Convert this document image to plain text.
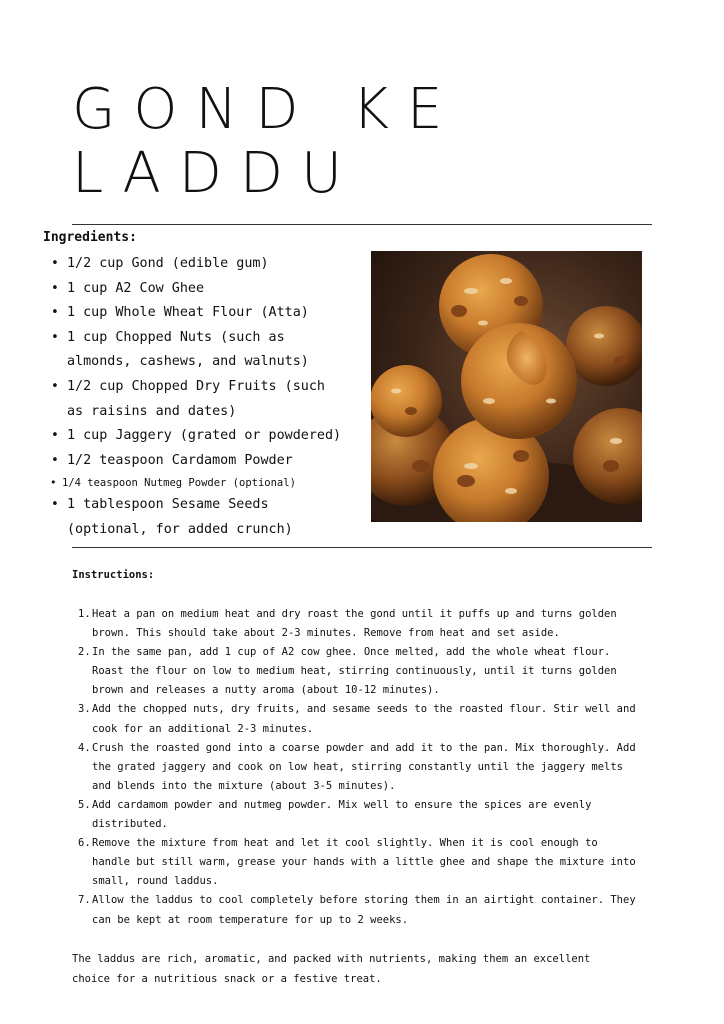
GOND KE
LADDU
Ingredients:
• 1/2 cup Gond (edible gum)
• 1 cup A2 Cow Ghee
• 1 cup Whole Wheat Flour (Atta)
• 1 cup Chopped Nuts (such as almonds, cashews, and walnuts)
• 1/2 cup Chopped Dry Fruits (such as raisins and dates)
• 1 cup Jaggery (grated or powdered)
• 1/2 teaspoon Cardamom Powder
• 1/4 teaspoon Nutmeg Powder (optional)
• 1 tablespoon Sesame Seeds (optional, for added crunch)
Instructions:
1. Heat a pan on medium heat and dry roast the gond until it puffs up and turns golden brown. This should take about 2-3 minutes. Remove from heat and set aside.
2. In the same pan, add 1 cup of A2 cow ghee. Once melted, add the whole wheat flour. Roast the flour on low to medium heat, stirring continuously, until it turns golden brown and releases a nutty aroma (about 10-12 minutes).
3. Add the chopped nuts, dry fruits, and sesame seeds to the roasted flour. Stir well and cook for an additional 2-3 minutes.
4. Crush the roasted gond into a coarse powder and add it to the pan. Mix thoroughly. Add the grated jaggery and cook on low heat, stirring constantly until the jaggery melts and blends into the mixture (about 3-5 minutes).
5. Add cardamom powder and nutmeg powder. Mix well to ensure the spices are evenly distributed.
6. Remove the mixture from heat and let it cool slightly. When it is cool enough to handle but still warm, grease your hands with a little ghee and shape the mixture into small, round laddus.
7. Allow the laddus to cool completely before storing them in an airtight container. They can be kept at room temperature for up to 2 weeks.

The laddus are rich, aromatic, and packed with nutrients, making them an excellent choice for a nutritious snack or a festive treat.
